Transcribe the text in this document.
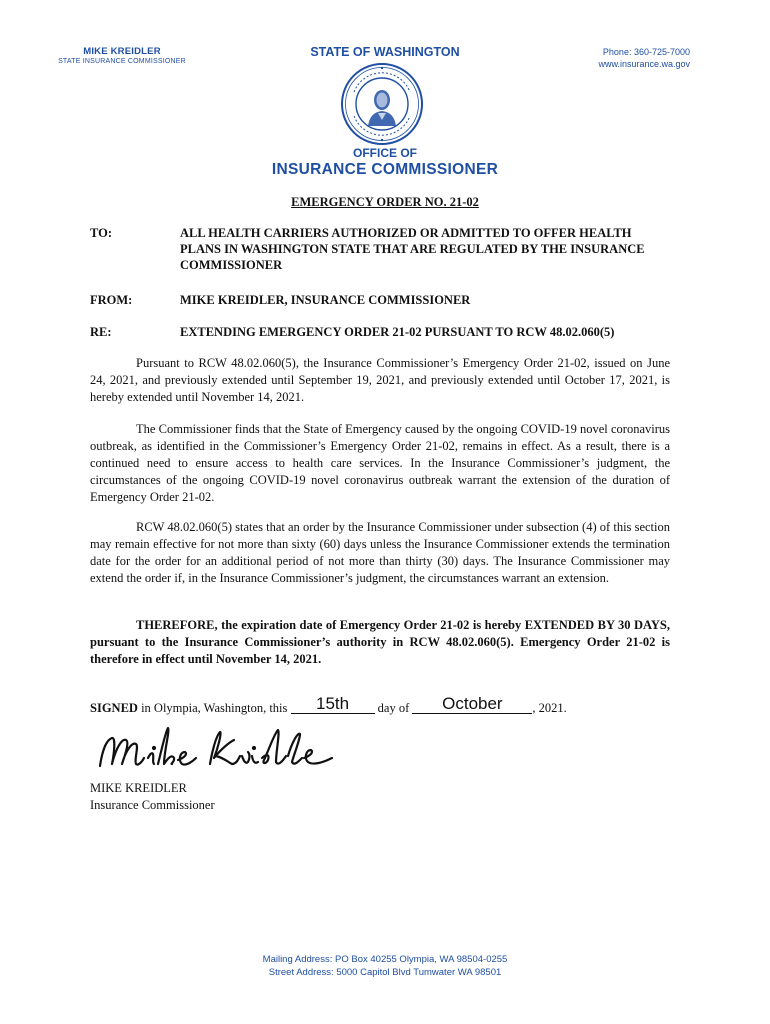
MIKE KREIDLER
STATE INSURANCE COMMISSIONER
STATE OF WASHINGTON	Phone: 360-725-7000
www.insurance.wa.gov
OFFICE OF
INSURANCE COMMISSIONER
EMERGENCY ORDER NO. 21-02
TO:	ALL HEALTH CARRIERS AUTHORIZED OR ADMITTED TO OFFER HEALTH PLANS IN WASHINGTON STATE THAT ARE REGULATED BY THE INSURANCE COMMISSIONER
FROM:	MIKE KREIDLER, INSURANCE COMMISSIONER
RE:	EXTENDING EMERGENCY ORDER 21-02 PURSUANT TO RCW 48.02.060(5)
Pursuant to RCW 48.02.060(5), the Insurance Commissioner’s Emergency Order 21-02, issued on June 24, 2021, and previously extended until September 19, 2021, and previously extended until October 17, 2021, is hereby extended until November 14, 2021.
The Commissioner finds that the State of Emergency caused by the ongoing COVID-19 novel coronavirus outbreak, as identified in the Commissioner’s Emergency Order 21-02, remains in effect. As a result, there is a continued need to ensure access to health care services. In the Insurance Commissioner’s judgment, the circumstances of the ongoing COVID-19 novel coronavirus outbreak warrant the extension of the duration of Emergency Order 21-02.
RCW 48.02.060(5) states that an order by the Insurance Commissioner under subsection (4) of this section may remain effective for not more than sixty (60) days unless the Insurance Commissioner extends the termination date for the order for an additional period of not more than thirty (30) days. The Insurance Commissioner may extend the order if, in the Insurance Commissioner’s judgment, the circumstances warrant an extension.
THEREFORE, the expiration date of Emergency Order 21-02 is hereby EXTENDED BY 30 DAYS, pursuant to the Insurance Commissioner’s authority in RCW 48.02.060(5). Emergency Order 21-02 is therefore in effect until November 14, 2021.
SIGNED in Olympia, Washington, this 15th day of October , 2021.
MIKE KREIDLER
Insurance Commissioner
Mailing Address: PO Box 40255 Olympia, WA 98504-0255
Street Address: 5000 Capitol Blvd Tumwater WA 98501
